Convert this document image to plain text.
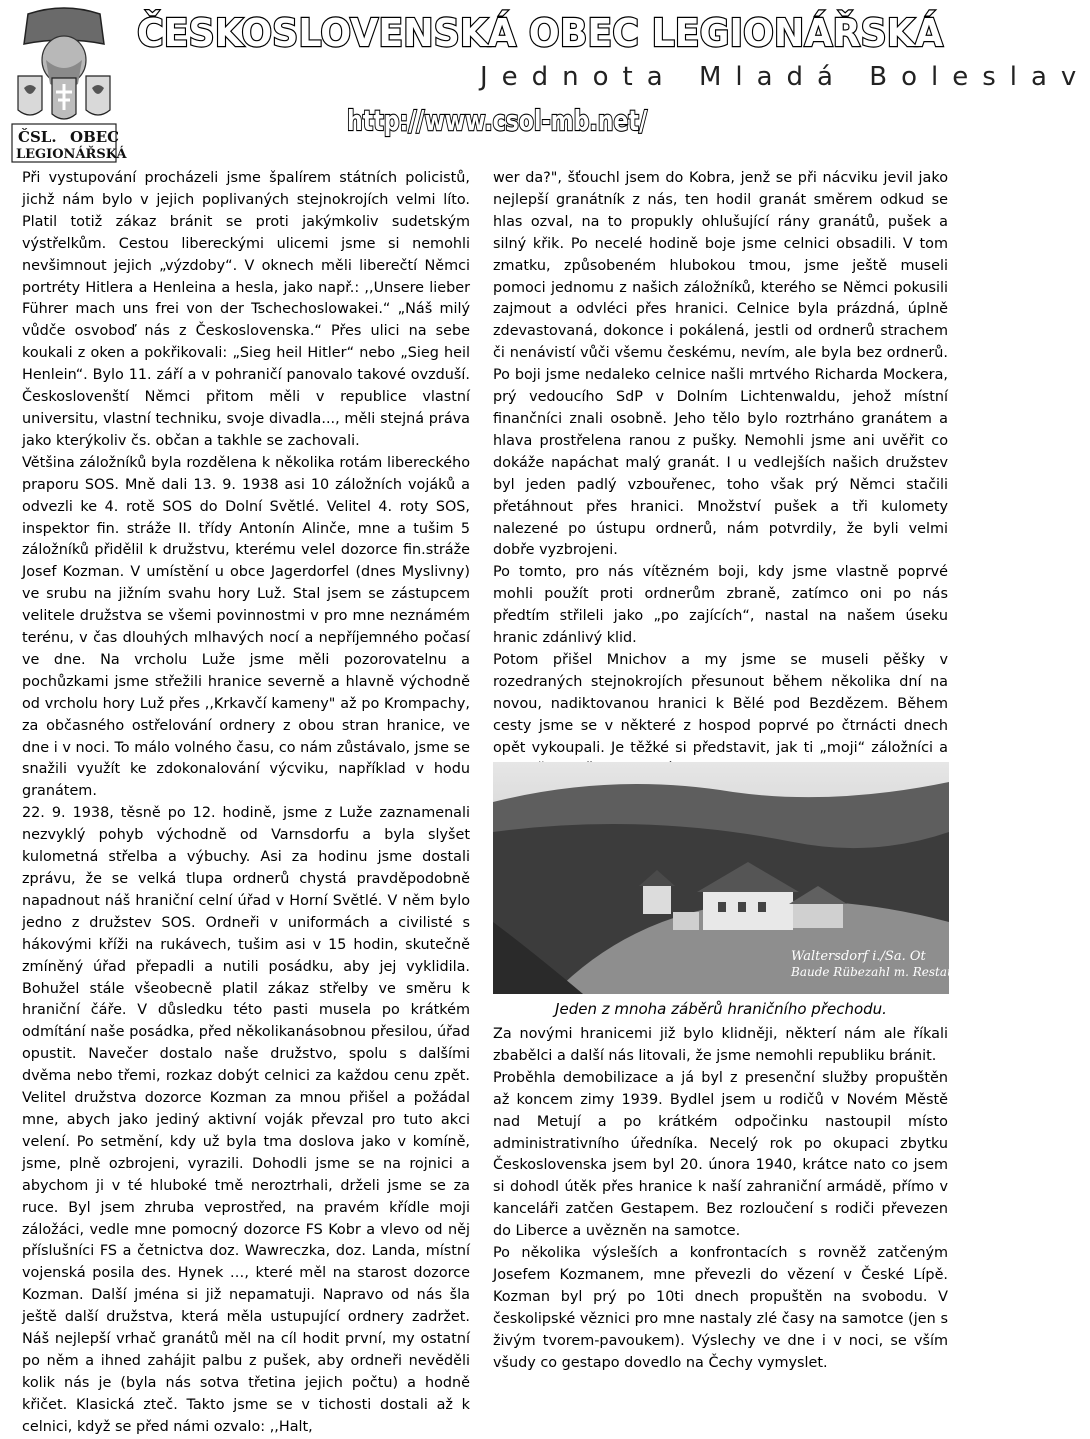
ČSL. OBEC
LEGIONÁŘSKÁ
ČESKOSLOVENSKÁ OBEC LEGIONÁŘSKÁ
Jednota Mladá Boleslav
http://www.csol-mb.net/

Při vystupování procházeli jsme špalírem státních policistů, jichž nám bylo v jejich poplivaných stejnokrojích velmi líto. Platil totiž zákaz bránit se proti jakýmkoliv sudetským výstřelkům. Cestou libereckými ulicemi jsme si nemohli nevšimnout jejich „výzdoby“. V oknech měli liberečtí Němci portréty Hitlera a Henleina a hesla, jako např.: ,,Unsere lieber Führer mach uns frei von der Tschechoslowakei.“ „Náš milý vůdče osvoboď nás z Československa.“ Přes ulici na sebe koukali z oken a pokřikovali: „Sieg heil Hitler“ nebo „Sieg heil Henlein“. Bylo 11. září a v pohraničí panovalo takové ovzduší. Českoslovenští Němci přitom měli v republice vlastní universitu, vlastní techniku, svoje divadla..., měli stejná práva jako kterýkoliv čs. občan a takhle se zachovali.

Většina záložníků byla rozdělena k několika rotám libereckého praporu SOS. Mně dali 13. 9. 1938 asi 10 záložních vojáků a odvezli ke 4. rotě SOS do Dolní Světlé. Velitel 4. roty SOS, inspektor fin. stráže II. třídy Antonín Alinče, mne a tušim 5 záložníků přidělil k družstvu, kterému velel dozorce fin.stráže Josef Kozman. V umístění u obce Jagerdorfel (dnes Myslivny) ve srubu na jižním svahu hory Luž. Stal jsem se zástupcem velitele družstva se všemi povinnostmi v pro mne neznámém terénu, v čas dlouhých mlhavých nocí a nepříjemného počasí ve dne. Na vrcholu Luže jsme měli pozorovatelnu a pochůzkami jsme střežili hranice severně a hlavně východně od vrcholu hory Luž přes ,,Krkavčí kameny" až po Krompachy, za občasného ostřelování ordnery z obou stran hranice, ve dne i v noci. To málo volného času, co nám zůstávalo, jsme se snažili využít ke zdokonalování výcviku, například v hodu granátem.

22. 9. 1938, těsně po 12. hodině, jsme z Luže zaznamenali nezvyklý pohyb východně od Varnsdorfu a byla slyšet kulometná střelba a výbuchy. Asi za hodinu jsme dostali zprávu, že se velká tlupa ordnerů chystá pravděpodobně napadnout náš hraniční celní úřad v Horní Světlé. V něm bylo jedno z družstev SOS. Ordneři v uniformách a civilisté s hákovými kříži na rukávech, tušim asi v 15 hodin, skutečně zmíněný úřad přepadli a nutili posádku, aby jej vyklidila. Bohužel stále všeobecně platil zákaz střelby ve směru k hraniční čáře. V důsledku této pasti musela po krátkém odmítání naše posádka, před několikanásobnou přesilou, úřad opustit. Navečer dostalo naše družstvo, spolu s dalšími dvěma nebo třemi, rozkaz dobýt celnici za každou cenu zpět. Velitel družstva dozorce Kozman za mnou přišel a požádal mne, abych jako jediný aktivní voják převzal pro tuto akci velení. Po setmění, kdy už byla tma doslova jako v komíně, jsme, plně ozbrojeni, vyrazili. Dohodli jsme se na rojnici a abychom ji v té hluboké tmě neroztrhali, drželi jsme se za ruce. Byl jsem zhruba veprostřed, na pravém křídle moji záložáci, vedle mne pomocný dozorce FS Kobr a vlevo od něj příslušníci FS a četnictva doz. Wawreczka, doz. Landa, místní vojenská posila des. Hynek …, které měl na starost dozorce Kozman. Další jména si již nepamatuji. Napravo od nás šla ještě další družstva, která měla ustupující ordnery zadržet. Náš nejlepší vrhač granátů měl na cíl hodit první, my ostatní po něm a ihned zahájit palbu z pušek, aby ordneři nevěděli kolik nás je (byla nás sotva třetina jejich počtu) a hodně křičet. Klasická zteč. Takto jsme se v tichosti dostali až k celnici, když se před námi ozvalo: ,,Halt,

wer da?", šťouchl jsem do Kobra, jenž se při nácviku jevil jako nejlepší granátník z nás, ten hodil granát směrem odkud se hlas ozval, na to propukly ohlušující rány granátů, pušek a silný křik. Po necelé hodině boje jsme celnici obsadili. V tom zmatku, způsobeném hlubokou tmou, jsme ještě museli pomoci jednomu z našich záložníků, kterého se Němci pokusili zajmout a odvléci přes hranici. Celnice byla prázdná, úplně zdevastovaná, dokonce i pokálená, jestli od ordnerů strachem či nenávistí vůči všemu českému, nevím, ale byla bez ordnerů. Po boji jsme nedaleko celnice našli mrtvého Richarda Mockera, prý vedoucího SdP v Dolním Lichtenwaldu, jehož místní finančníci znali osobně. Jeho tělo bylo roztrháno granátem a hlava prostřelena ranou z pušky. Nemohli jsme ani uvěřit co dokáže napáchat malý granát. I u vedlejších našich družstev byl jeden padlý vzbouřenec, toho však prý Němci stačili přetáhnout přes hranici. Množství pušek a tři kulomety nalezené po ústupu ordnerů, nám potvrdily, že byli velmi dobře vyzbrojeni.

Po tomto, pro nás vítězném boji, kdy jsme vlastně poprvé mohli použít proti ordnerům zbraně, zatímco oni po nás předtím střileli jako „po zajících“, nastal na našem úseku hranic zdánlivý klid.

Potom přišel Mnichov a my jsme se museli pěšky v rozedraných stejnokrojích přesunout během několika dní na novou, nadiktovanou hranici k Bělé pod Bezdězem. Během cesty jsme se v některé z hospod poprvé po čtrnácti dnech opět vykoupali. Je těžké si představit, jak ti „moji“ záložníci a

Waltersdorf i./Sa. Ot
Baude Rübezahl m. Restaura
Jeden z mnoha záběrů hraničního přechodu.

Za novými hranicemi již bylo klidněji, některí nám ale říkali zbabělci a další nás litovali, že jsme nemohli republiku bránit.

Proběhla demobilizace a já byl z presenční služby propuštěn až koncem zimy 1939. Bydlel jsem u rodičů v Novém Městě nad Metují a po krátkém odpočinku nastoupil místo administrativního úředníka. Necelý rok po okupaci zbytku Československa jsem byl 20. února 1940, krátce nato co jsem si dohodl útěk přes hranice k naší zahraniční armádě, přímo v kanceláři zatčen Gestapem. Bez rozloučení s rodiči převezen do Liberce a uvězněn na samotce.

Po několika výsleších a konfrontacích s rovněž zatčeným Josefem Kozmanem, mne převezli do vězení v České Lípě. Kozman byl prý po 10ti dnech propuštěn na svobodu. V českolipské věznici pro mne nastaly zlé časy na samotce (jen s živým tvorem-pavoukem). Výslechy ve dne i v noci, se vším všudy co gestapo dovedlo na Čechy vymyslet.
